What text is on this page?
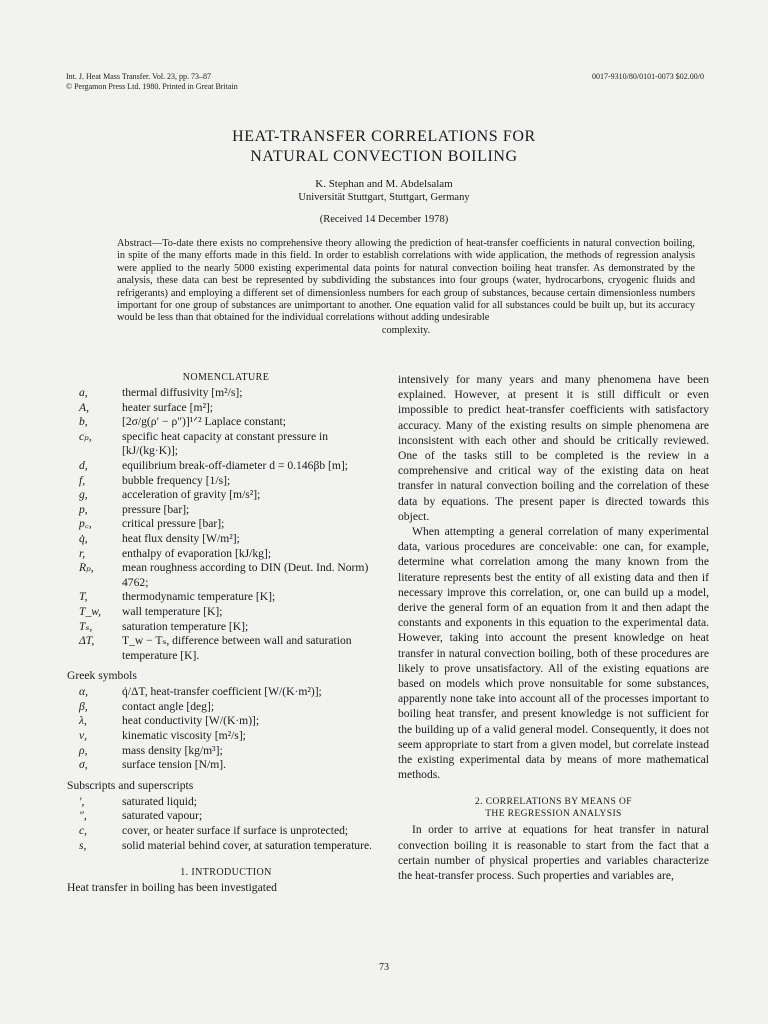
Int. J. Heat Mass Transfer. Vol. 23, pp. 73–87
© Pergamon Press Ltd. 1980. Printed in Great Britain
0017-9310/80/0101-0073 $02.00/0
HEAT-TRANSFER CORRELATIONS FOR
NATURAL CONVECTION BOILING
K. Stephan and M. Abdelsalam
Universität Stuttgart, Stuttgart, Germany
(Received 14 December 1978)
Abstract—To-date there exists no comprehensive theory allowing the prediction of heat-transfer coefficients in natural convection boiling, in spite of the many efforts made in this field. In order to establish correlations with wide application, the methods of regression analysis were applied to the nearly 5000 existing experimental data points for natural convection boiling heat transfer. As demonstrated by the analysis, these data can best be represented by subdividing the substances into four groups (water, hydrocarbons, cryogenic fluids and refrigerants) and employing a different set of dimensionless numbers for each group of substances, because certain dimensionless numbers important for one group of substances are unimportant to another. One equation valid for all substances could be built up, but its accuracy would be less than that obtained for the individual correlations without adding undesirable
complexity.
NOMENCLATURE
a,	thermal diffusivity [m²/s];
A,	heater surface [m²];
b,	[2σ/g(ρ′ − ρ″)]¹ᐟ² Laplace constant;
cₚ,	specific heat capacity at constant pressure in [kJ/(kg·K)];
d,	equilibrium break-off-diameter d = 0.146βb [m];
f,	bubble frequency [1/s];
g,	acceleration of gravity [m/s²];
p,	pressure [bar];
p꜀,	critical pressure [bar];
q̇,	heat flux density [W/m²];
r,	enthalpy of evaporation [kJ/kg];
Rₚ,	mean roughness according to DIN (Deut. Ind. Norm) 4762;
T,	thermodynamic temperature [K];
T_w,	wall temperature [K];
Tₛ,	saturation temperature [K];
ΔT,	T_w − Tₛ, difference between wall and saturation temperature [K].
Greek symbols
α,	q̇/ΔT, heat-transfer coefficient [W/(K·m²)];
β,	contact angle [deg];
λ,	heat conductivity [W/(K·m)];
ν,	kinematic viscosity [m²/s];
ρ,	mass density [kg/m³];
σ,	surface tension [N/m].
Subscripts and superscripts
′,	saturated liquid;
″,	saturated vapour;
c,	cover, or heater surface if surface is unprotected;
s,	solid material behind cover, at saturation temperature.
1. INTRODUCTION
Heat transfer in boiling has been investigated

intensively for many years and many phenomena have been explained. However, at present it is still difficult or even impossible to predict heat-transfer coefficients with satisfactory accuracy. Many of the existing results on simple phenomena are inconsistent with each other and should be critically reviewed. One of the tasks still to be completed is the review in a comprehensive and critical way of the existing data on heat transfer in natural convection boiling and the correlation of these data by equations. The present paper is directed towards this object.

When attempting a general correlation of many experimental data, various procedures are conceivable: one can, for example, determine what correlation among the many known from the literature represents best the entity of all existing data and then if necessary improve this correlation, or, one can build up a model, derive the general form of an equation from it and then adapt the constants and exponents in this equation to the experimental data. However, taking into account the present knowledge on heat transfer in natural convection boiling, both of these procedures are likely to prove unsatisfactory. All of the existing equations are based on models which prove nonsuitable for some substances, apparently none take into account all of the processes important to boiling heat transfer, and present knowledge is not sufficient for the building up of a valid general model. Consequently, it does not seem appropriate to start from a given model, but correlate instead the existing experimental data by means of more mathematical methods.

2. CORRELATIONS BY MEANS OF
THE REGRESSION ANALYSIS

In order to arrive at equations for heat transfer in natural convection boiling it is reasonable to start from the fact that a certain number of physical properties and variables characterize the heat-transfer process. Such properties and variables are,

73
